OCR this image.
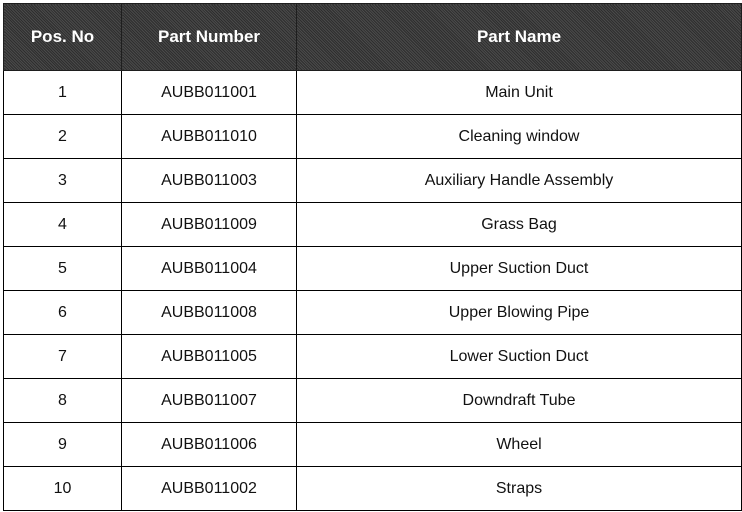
Pos. No	Part Number	Part Name
1	AUBB011001	Main Unit
2	AUBB011010	Cleaning window
3	AUBB011003	Auxiliary Handle Assembly
4	AUBB011009	Grass Bag
5	AUBB011004	Upper Suction Duct
6	AUBB011008	Upper Blowing Pipe
7	AUBB011005	Lower Suction Duct
8	AUBB011007	Downdraft Tube
9	AUBB011006	Wheel
10	AUBB011002	Straps
